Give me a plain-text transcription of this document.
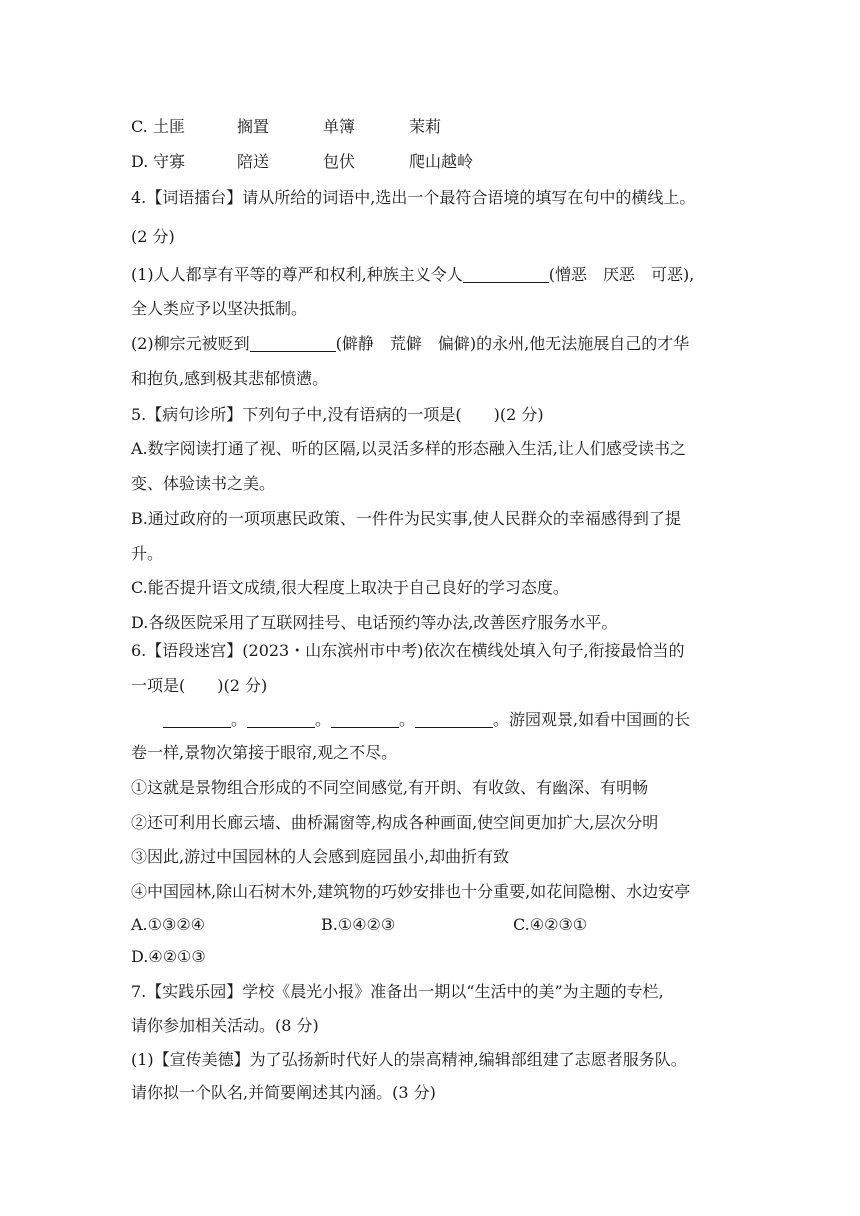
C. 土匪	搁置	单簿	茉莉
D. 守寡	陪送	包伏	爬山越岭
4.【词语擂台】请从所给的词语中,选出一个最符合语境的填写在句中的横线上。
(2 分)
(1)人人都享有平等的尊严和权利,种族主义令人	(憎恶　厌恶　可恶),
全人类应予以坚决抵制。
(2)柳宗元被贬到	(僻静　荒僻　偏僻)的永州,他无法施展自己的才华
和抱负,感到极其悲郁愤懑。
5.【病句诊所】下列句子中,没有语病的一项是(　　)(2 分)
A.数字阅读打通了视、听的区隔,以灵活多样的形态融入生活,让人们感受读书之
变、体验读书之美。
B.通过政府的一项项惠民政策、一件件为民实事,使人民群众的幸福感得到了提
升。
C.能否提升语文成绩,很大程度上取决于自己良好的学习态度。
D.各级医院采用了互联网挂号、电话预约等办法,改善医疗服务水平。
6.【语段迷宫】(2023・山东滨州市中考)依次在横线处填入句子,衔接最恰当的
一项是(　　)(2 分)
。	。	。	。游园观景,如看中国画的长
卷一样,景物次第接于眼帘,观之不尽。
①这就是景物组合形成的不同空间感觉,有开朗、有收敛、有幽深、有明畅
②还可利用长廊云墙、曲桥漏窗等,构成各种画面,使空间更加扩大,层次分明
③因此,游过中国园林的人会感到庭园虽小,却曲折有致
④中国园林,除山石树木外,建筑物的巧妙安排也十分重要,如花间隐榭、水边安亭
A.①③②④	B.①④②③	C.④②③①
D.④②①③
7.【实践乐园】学校《晨光小报》准备出一期以“生活中的美”为主题的专栏,
请你参加相关活动。(8 分)
(1)【宣传美德】为了弘扬新时代好人的崇高精神,编辑部组建了志愿者服务队。
请你拟一个队名,并简要阐述其内涵。(3 分)
